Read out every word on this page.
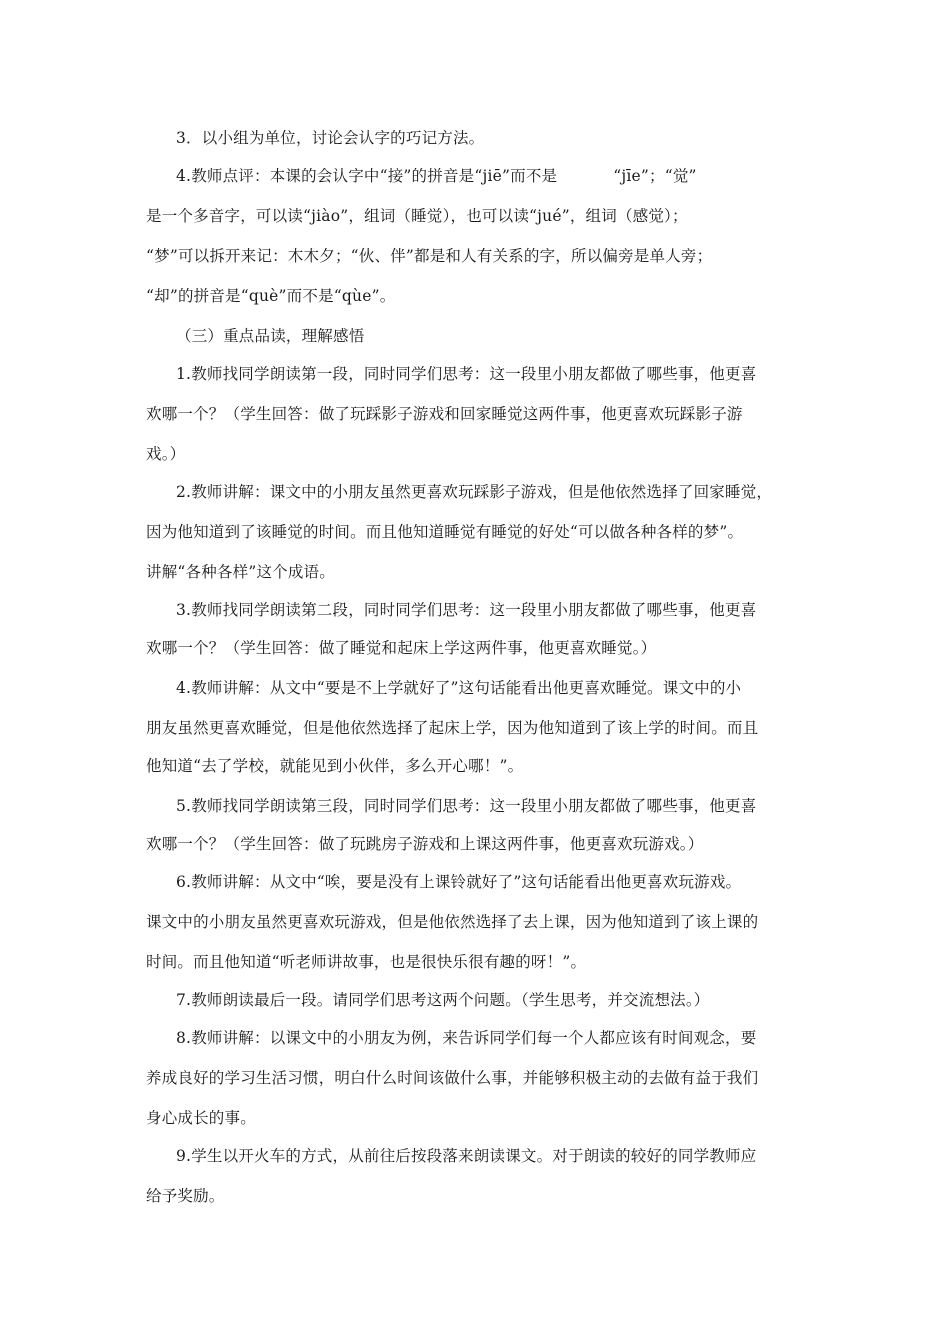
3．以小组为单位，讨论会认字的巧记方法。
4.教师点评：本课的会认字中“接”的拼音是“jiē”而不是	“jīe”；“觉”
是一个多音字，可以读“jiào”，组词（睡觉），也可以读“jué”，组词（感觉）；
“梦”可以拆开来记：木木夕；“伙、伴”都是和人有关系的字，所以偏旁是单人旁；
“却”的拼音是“què”而不是“qùe”。
（三）重点品读，理解感悟
1.教师找同学朗读第一段，同时同学们思考：这一段里小朋友都做了哪些事，他更喜
欢哪一个？（学生回答：做了玩踩影子游戏和回家睡觉这两件事，他更喜欢玩踩影子游
戏。）
2.教师讲解：课文中的小朋友虽然更喜欢玩踩影子游戏，但是他依然选择了回家睡觉，
因为他知道到了该睡觉的时间。而且他知道睡觉有睡觉的好处“可以做各种各样的梦”。
讲解“各种各样”这个成语。
3.教师找同学朗读第二段，同时同学们思考：这一段里小朋友都做了哪些事，他更喜
欢哪一个？（学生回答：做了睡觉和起床上学这两件事，他更喜欢睡觉。）
4.教师讲解：从文中“要是不上学就好了”这句话能看出他更喜欢睡觉。课文中的小
朋友虽然更喜欢睡觉，但是他依然选择了起床上学，因为他知道到了该上学的时间。而且
他知道“去了学校，就能见到小伙伴，多么开心哪！”。
5.教师找同学朗读第三段，同时同学们思考：这一段里小朋友都做了哪些事，他更喜
欢哪一个？（学生回答：做了玩跳房子游戏和上课这两件事，他更喜欢玩游戏。）
6.教师讲解：从文中“唉，要是没有上课铃就好了”这句话能看出他更喜欢玩游戏。
课文中的小朋友虽然更喜欢玩游戏，但是他依然选择了去上课，因为他知道到了该上课的
时间。而且他知道“听老师讲故事，也是很快乐很有趣的呀！”。
7.教师朗读最后一段。请同学们思考这两个问题。（学生思考，并交流想法。）
8.教师讲解：以课文中的小朋友为例，来告诉同学们每一个人都应该有时间观念，要
养成良好的学习生活习惯，明白什么时间该做什么事，并能够积极主动的去做有益于我们
身心成长的事。
9.学生以开火车的方式，从前往后按段落来朗读课文。对于朗读的较好的同学教师应
给予奖励。
